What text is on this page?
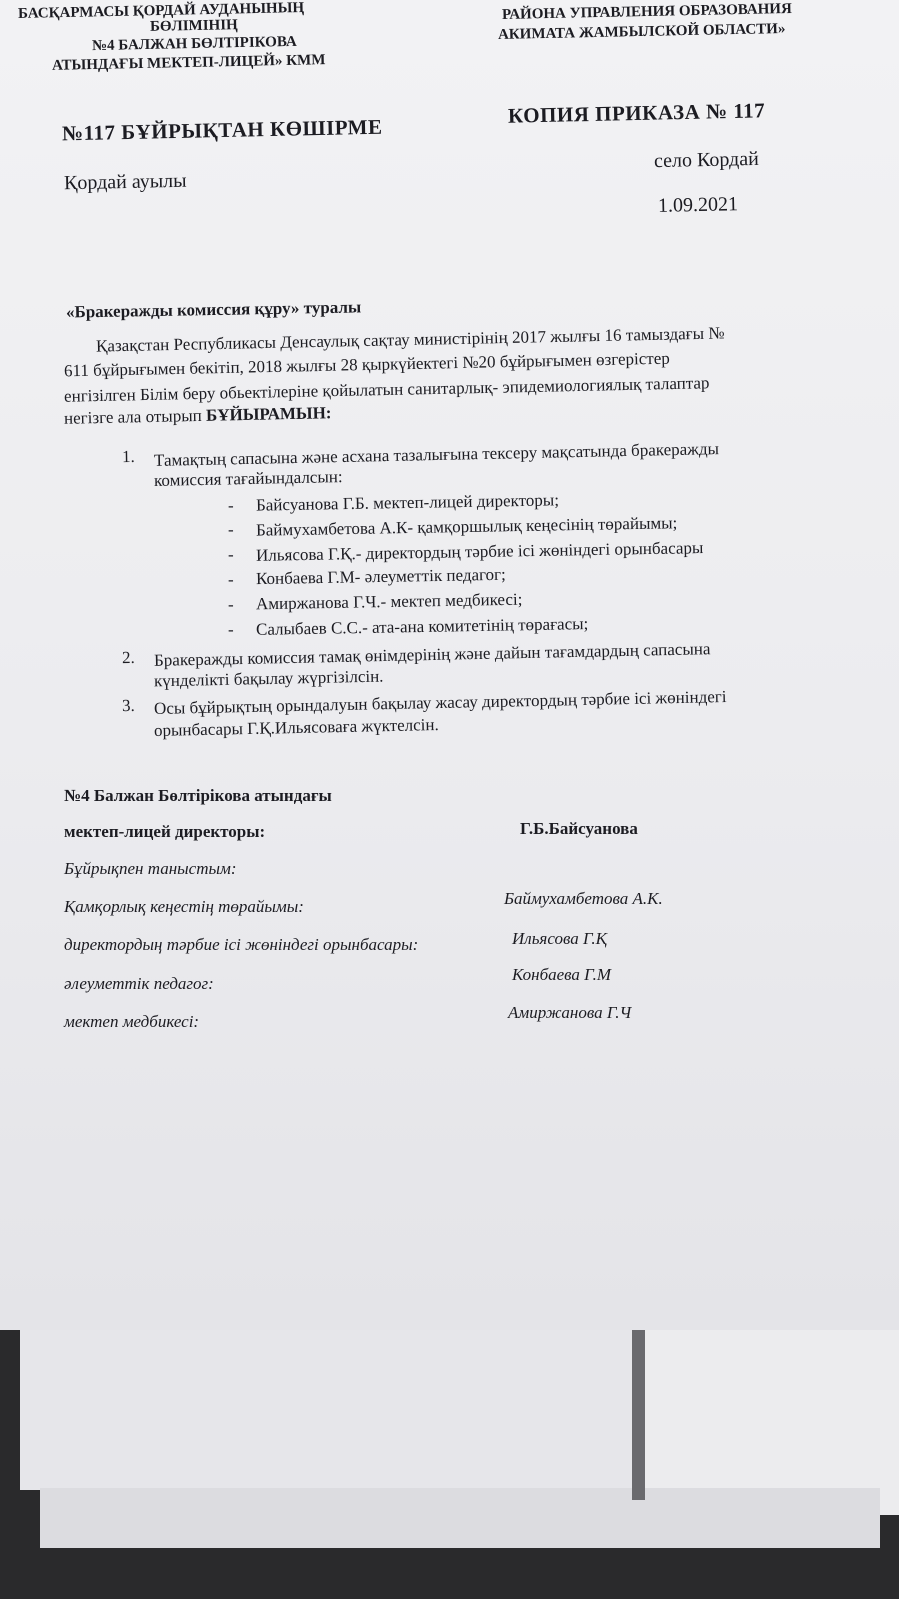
БАСҚАРМАСЫ ҚОРДАЙ АУДАНЫНЫҢ
БӨЛІМІНІҢ
№4 БАЛЖАН БӨЛТІРІКОВА
АТЫНДАҒЫ МЕКТЕП-ЛИЦЕЙ» КММ
РАЙОНА УПРАВЛЕНИЯ ОБРАЗОВАНИЯ
АКИМАТА ЖАМБЫЛСКОЙ ОБЛАСТИ»
№117 БҰЙРЫҚТАН КӨШІРМЕ
КОПИЯ ПРИКАЗА № 117
Қордай ауылы
село Кордай
1.09.2021
«Бракеражды комиссия құру» туралы
Қазақстан Республикасы Денсаулық сақтау министірінің 2017 жылғы 16 тамыздағы №
611 бұйрығымен бекітіп, 2018 жылғы 28 қыркүйектегі №20 бұйрығымен өзгерістер
енгізілген Білім беру обьектілеріне қойылатын санитарлық- эпидемиологиялық талаптар
негізге ала отырып БҰЙЫРАМЫН:
1. Тамақтың сапасына және асхана тазалығына тексеру мақсатында бракеражды
комиссия тағайындалсын:
- Байсуанова Г.Б. мектеп-лицей директоры;
- Баймухамбетова А.К- қамқоршылық кеңесінің төрайымы;
- Ильясова Г.Қ.- директордың тәрбие ісі жөніндегі орынбасары
- Конбаева Г.М- әлеуметтік педагог;
- Амиржанова Г.Ч.- мектеп медбикесі;
- Салыбаев С.С.- ата-ана комитетінің төрағасы;
2. Бракеражды комиссия тамақ өнімдерінің және дайын тағамдардың сапасына
күнделікті бақылау жүргізілсін.
3. Осы бұйрықтың орындалуын бақылау жасау директордың тәрбие ісі жөніндегі
орынбасары Г.Қ.Ильясоваға жүктелсін.
№4 Балжан Бөлтірікова атындағы
мектеп-лицей директоры:	Г.Б.Байсуанова
Бұйрықпен таныстым:
Қамқорлық кеңестің төрайымы:	Баймухамбетова А.К.
директордың тәрбие ісі жөніндегі орынбасары:	Ильясова Г.Қ
әлеуметтік педагог:	Конбаева Г.М
мектеп медбикесі:	Амиржанова Г.Ч
